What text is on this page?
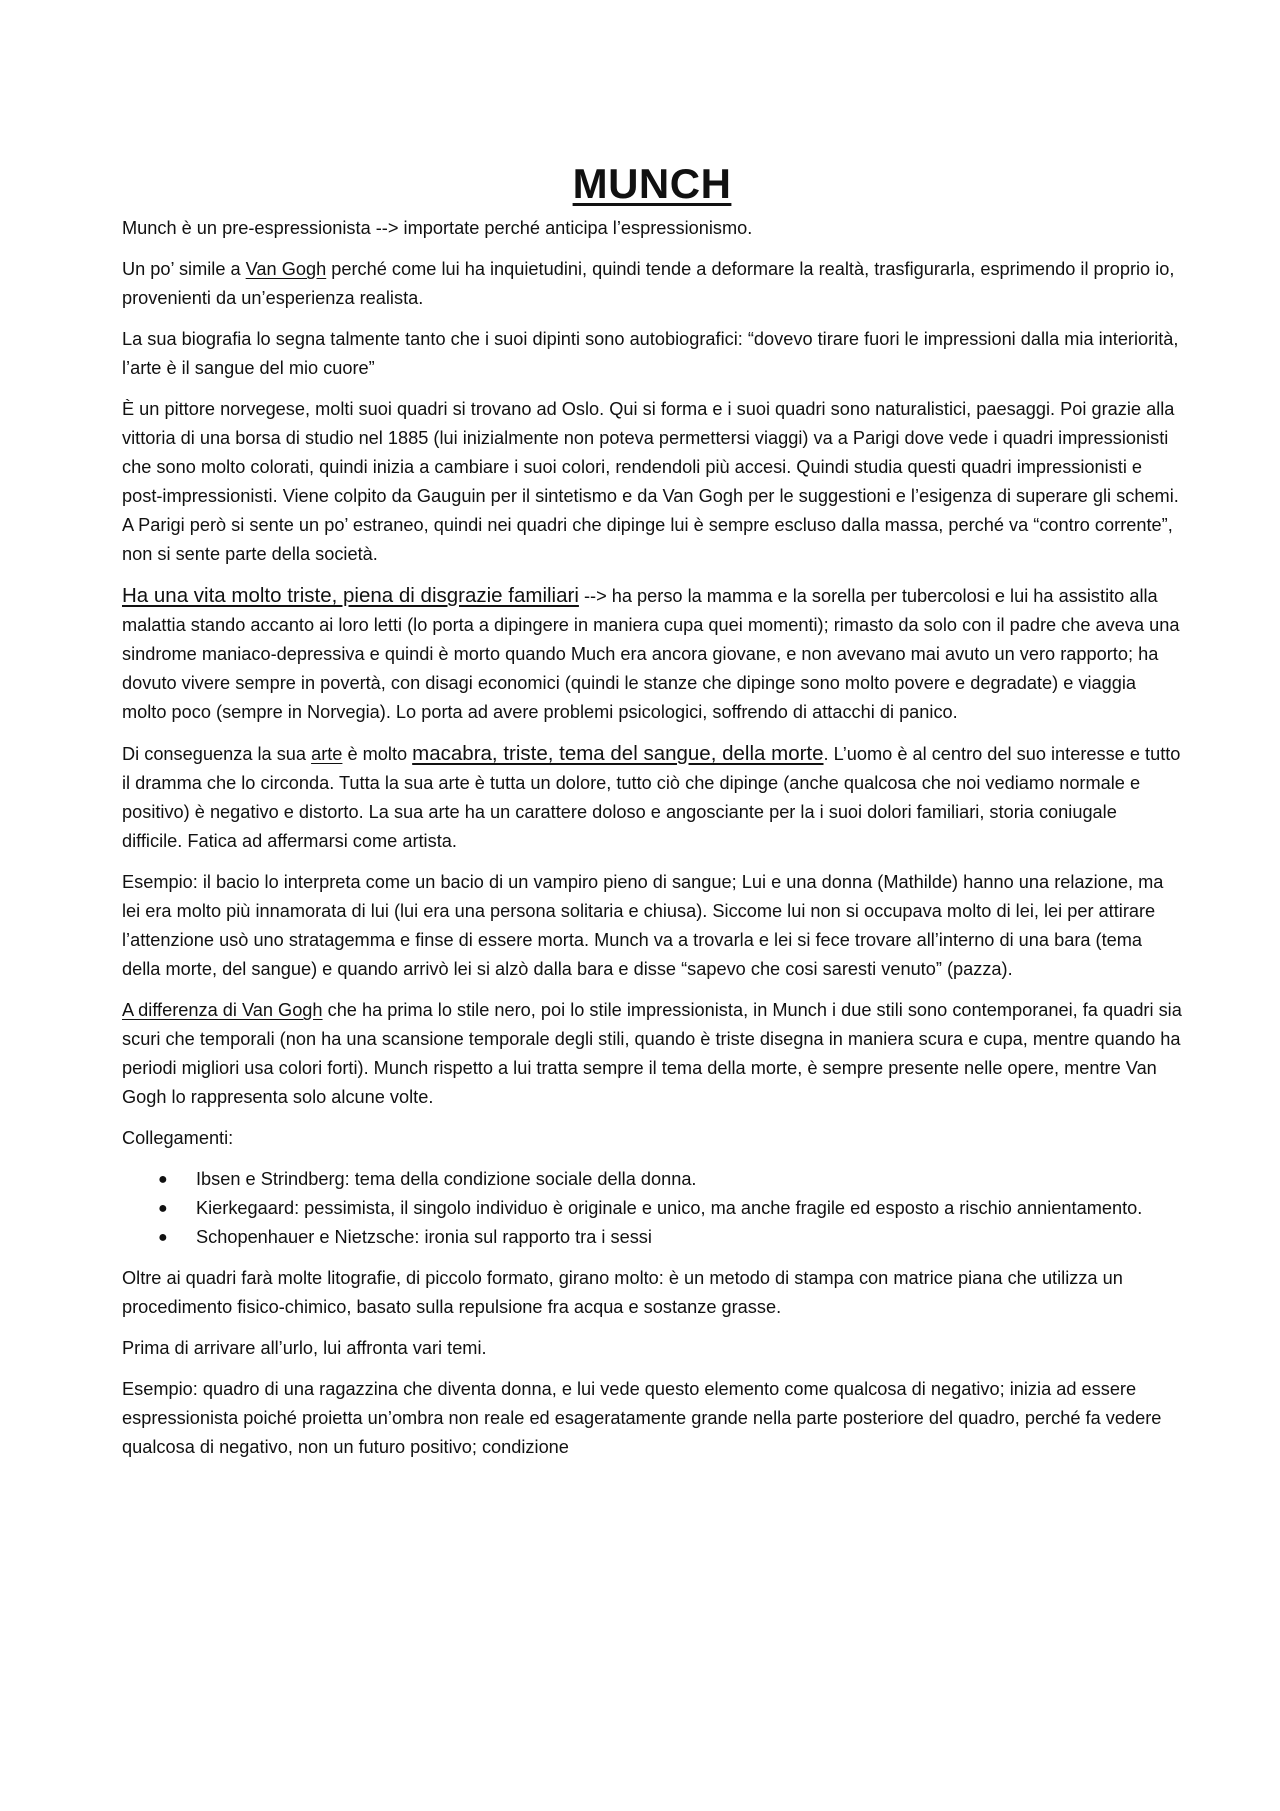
MUNCH

Munch è un pre-espressionista --> importate perché anticipa l’espressionismo.

Un po’ simile a Van Gogh perché come lui ha inquietudini, quindi tende a deformare la realtà, trasfigurarla, esprimendo il proprio io, provenienti da un’esperienza realista.

La sua biografia lo segna talmente tanto che i suoi dipinti sono autobiografici: “dovevo tirare fuori le impressioni dalla mia interiorità, l’arte è il sangue del mio cuore”

È un pittore norvegese, molti suoi quadri si trovano ad Oslo. Qui si forma e i suoi quadri sono naturalistici, paesaggi. Poi grazie alla vittoria di una borsa di studio nel 1885 (lui inizialmente non poteva permettersi viaggi) va a Parigi dove vede i quadri impressionisti che sono molto colorati, quindi inizia a cambiare i suoi colori, rendendoli più accesi. Quindi studia questi quadri impressionisti e post-impressionisti. Viene colpito da Gauguin per il sintetismo e da Van Gogh per le suggestioni e l’esigenza di superare gli schemi. A Parigi però si sente un po’ estraneo, quindi nei quadri che dipinge lui è sempre escluso dalla massa, perché va “contro corrente”, non si sente parte della società.

Ha una vita molto triste, piena di disgrazie familiari --> ha perso la mamma e la sorella per tubercolosi e lui ha assistito alla malattia stando accanto ai loro letti (lo porta a dipingere in maniera cupa quei momenti); rimasto da solo con il padre che aveva una sindrome maniaco-depressiva e quindi è morto quando Much era ancora giovane, e non avevano mai avuto un vero rapporto; ha dovuto vivere sempre in povertà, con disagi economici (quindi le stanze che dipinge sono molto povere e degradate) e viaggia molto poco (sempre in Norvegia). Lo porta ad avere problemi psicologici, soffrendo di attacchi di panico.

Di conseguenza la sua arte è molto macabra, triste, tema del sangue, della morte. L’uomo è al centro del suo interesse e tutto il dramma che lo circonda. Tutta la sua arte è tutta un dolore, tutto ciò che dipinge (anche qualcosa che noi vediamo normale e positivo) è negativo e distorto. La sua arte ha un carattere doloso e angosciante per la i suoi dolori familiari, storia coniugale difficile. Fatica ad affermarsi come artista.

Esempio: il bacio lo interpreta come un bacio di un vampiro pieno di sangue; Lui e una donna (Mathilde) hanno una relazione, ma lei era molto più innamorata di lui (lui era una persona solitaria e chiusa). Siccome lui non si occupava molto di lei, lei per attirare l’attenzione usò uno stratagemma e finse di essere morta. Munch va a trovarla e lei si fece trovare all’interno di una bara (tema della morte, del sangue) e quando arrivò lei si alzò dalla bara e disse “sapevo che cosi saresti venuto” (pazza).

A differenza di Van Gogh che ha prima lo stile nero, poi lo stile impressionista, in Munch i due stili sono contemporanei, fa quadri sia scuri che temporali (non ha una scansione temporale degli stili, quando è triste disegna in maniera scura e cupa, mentre quando ha periodi migliori usa colori forti). Munch rispetto a lui tratta sempre il tema della morte, è sempre presente nelle opere, mentre Van Gogh lo rappresenta solo alcune volte.

Collegamenti:

● Ibsen e Strindberg: tema della condizione sociale della donna.
● Kierkegaard: pessimista, il singolo individuo è originale e unico, ma anche fragile ed esposto a rischio annientamento.
● Schopenhauer e Nietzsche: ironia sul rapporto tra i sessi

Oltre ai quadri farà molte litografie, di piccolo formato, girano molto: è un metodo di stampa con matrice piana che utilizza un procedimento fisico-chimico, basato sulla repulsione fra acqua e sostanze grasse.

Prima di arrivare all’urlo, lui affronta vari temi.

Esempio: quadro di una ragazzina che diventa donna, e lui vede questo elemento come qualcosa di negativo; inizia ad essere espressionista poiché proietta un’ombra non reale ed esageratamente grande nella parte posteriore del quadro, perché fa vedere qualcosa di negativo, non un futuro positivo; condizione
